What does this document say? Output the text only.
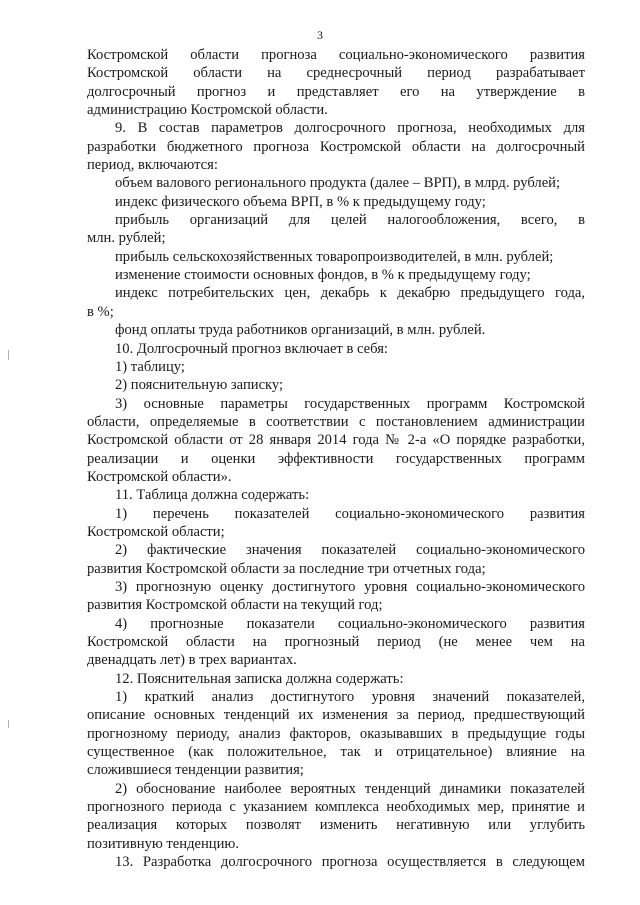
3
Костромской области прогноза социально-экономического развития
Костромской области на среднесрочный период разрабатывает
долгосрочный прогноз и представляет его на утверждение в
администрацию Костромской области.
9. В состав параметров долгосрочного прогноза, необходимых для
разработки бюджетного прогноза Костромской области на долгосрочный
период, включаются:
объем валового регионального продукта (далее – ВРП), в млрд. рублей;
индекс физического объема ВРП, в % к предыдущему году;
прибыль организаций для целей налогообложения, всего, в
млн. рублей;
прибыль сельскохозяйственных товаропроизводителей, в млн. рублей;
изменение стоимости основных фондов, в % к предыдущему году;
индекс потребительских цен, декабрь к декабрю предыдущего года,
в %;
фонд оплаты труда работников организаций, в млн. рублей.
10. Долгосрочный прогноз включает в себя:
1) таблицу;
2) пояснительную записку;
3) основные параметры государственных программ Костромской
области, определяемые в соответствии с постановлением администрации
Костромской области от 28 января 2014 года № 2-а «О порядке разработки,
реализации и оценки эффективности государственных программ
Костромской области».
11. Таблица должна содержать:
1) перечень показателей социально-экономического развития
Костромской области;
2) фактические значения показателей социально-экономического
развития Костромской области за последние три отчетных года;
3) прогнозную оценку достигнутого уровня социально-экономического
развития Костромской области на текущий год;
4) прогнозные показатели социально-экономического развития
Костромской области на прогнозный период (не менее чем на
двенадцать лет) в трех вариантах.
12. Пояснительная записка должна содержать:
1) краткий анализ достигнутого уровня значений показателей,
описание основных тенденций их изменения за период, предшествующий
прогнозному периоду, анализ факторов, оказывавших в предыдущие годы
существенное (как положительное, так и отрицательное) влияние на
сложившиеся тенденции развития;
2) обоснование наиболее вероятных тенденций динамики показателей
прогнозного периода с указанием комплекса необходимых мер, принятие и
реализация которых позволят изменить негативную или углубить
позитивную тенденцию.
13. Разработка долгосрочного прогноза осуществляется в следующем
